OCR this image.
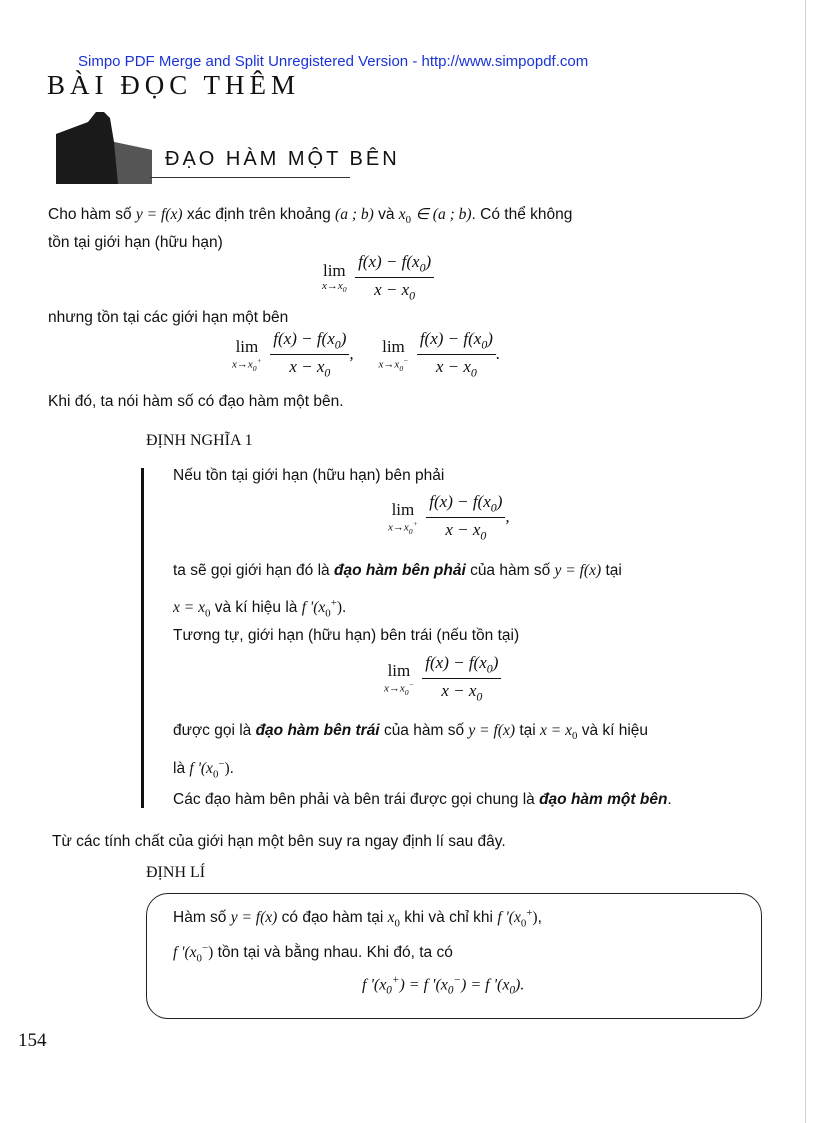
Simpo PDF Merge and Split Unregistered Version - http://www.simpopdf.com
BÀI ĐỌC THÊM
ĐẠO HÀM MỘT BÊN
Cho hàm số y = f(x) xác định trên khoảng (a ; b) và $x_0$ ∈ (a ; b). Có thể không
tồn tại giới hạn (hữu hạn)
lim
$x\to x_0$
$\frac{f(x) - f(x_0)}{x - x_0}$
nhưng tồn tại các giới hạn một bên
lim
$x\to x_0^+$
$\frac{f(x) - f(x_0)}{x - x_0}$ , lim
$x\to x_0^-$
$\frac{f(x) - f(x_0)}{x - x_0}$ .
Khi đó, ta nói hàm số có đạo hàm một bên.
ĐỊNH NGHĨA 1
Nếu tồn tại giới hạn (hữu hạn) bên phải
lim
$x\to x_0^+$
$\frac{f(x) - f(x_0)}{x - x_0}$ ,
ta sẽ gọi giới hạn đó là đạo hàm bên phải của hàm số y = f(x) tại
$x = x_0$ và kí hiệu là f '$(x_0^+)$.
Tương tự, giới hạn (hữu hạn) bên trái (nếu tồn tại)
lim
$x\to x_0^-$
$\frac{f(x) - f(x_0)}{x - x_0}$
được gọi là đạo hàm bên trái của hàm số y = f(x) tại $x = x_0$ và kí hiệu
là f '$(x_0^-)$.
Các đạo hàm bên phải và bên trái được gọi chung là đạo hàm một bên.
Từ các tính chất của giới hạn một bên suy ra ngay định lí sau đây.
ĐỊNH LÍ
Hàm số y = f(x) có đạo hàm tại $x_0$ khi và chỉ khi f '$(x_0^+)$,
f '$(x_0^-)$ tồn tại và bằng nhau. Khi đó, ta có
f '$(x_0^+) = f$ '$(x_0^-) = f$ '$(x_0)$.
154
